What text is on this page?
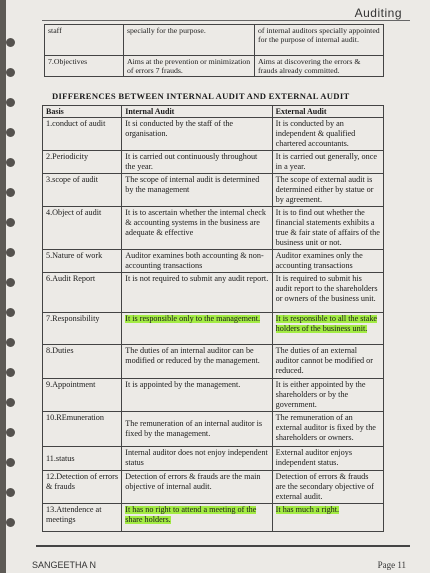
Auditing
staff	specially for the purpose.	of internal auditors specially appointed for the purpose of internal audit.
7.Objectives	Aims at the prevention or minimization of errors 7 frauds.	Aims at discovering the errors & frauds already committed.
DIFFERENCES BETWEEN INTERNAL AUDIT AND EXTERNAL AUDIT
Basis	Internal Audit	External Audit
1.conduct of audit	It si conducted by the staff of the organisation.	It is conducted by an independent & qualified chartered accountants.
2.Periodicity	It is carried out continuously throughout the year.	It is carried out generally, once in a year.
3.scope of audit	The scope of internal audit is determined by the management	The scope of external audit is determined either by statue or by agreement.
4.Object of audit	It is to ascertain whether the internal check & accounting systems in the business are adequate & effective	It is to find out whether the financial statements exhibits a true & fair state of affairs of the business unit or not.
5.Nature of work	Auditor examines both accounting & non-accounting transactions	Auditor examines only the accounting transactions
6.Audit Report	It is not required to submit any audit report.	It is required to submit his audit report to the shareholders or owners of the business unit.
7.Responsibility	It is responsible only to the management.	It is responsible to all the stake holders of the business unit.
8.Duties	The duties of an internal auditor can be modified or reduced by the management.	The duties of an external auditor cannot be modified or reduced.
9.Appointment	It is appointed by the management.	It is either appointed by the shareholders or by the government.
10.REmuneration	The remuneration of an internal auditor is fixed by the management.	The remuneration of an external auditor is fixed by the shareholders or owners.
11.status	Internal auditor does not enjoy independent status	External auditor enjoys independent status.
12.Detection of errors & frauds	Detection of errors & frauds are the main objective of internal audit.	Detection of errors & frauds are the secondary objective of external audit.
13.Attendence at meetings	It has no right to attend a meeting of the share holders.	It has much a right.
SANGEETHA N	Page 11
